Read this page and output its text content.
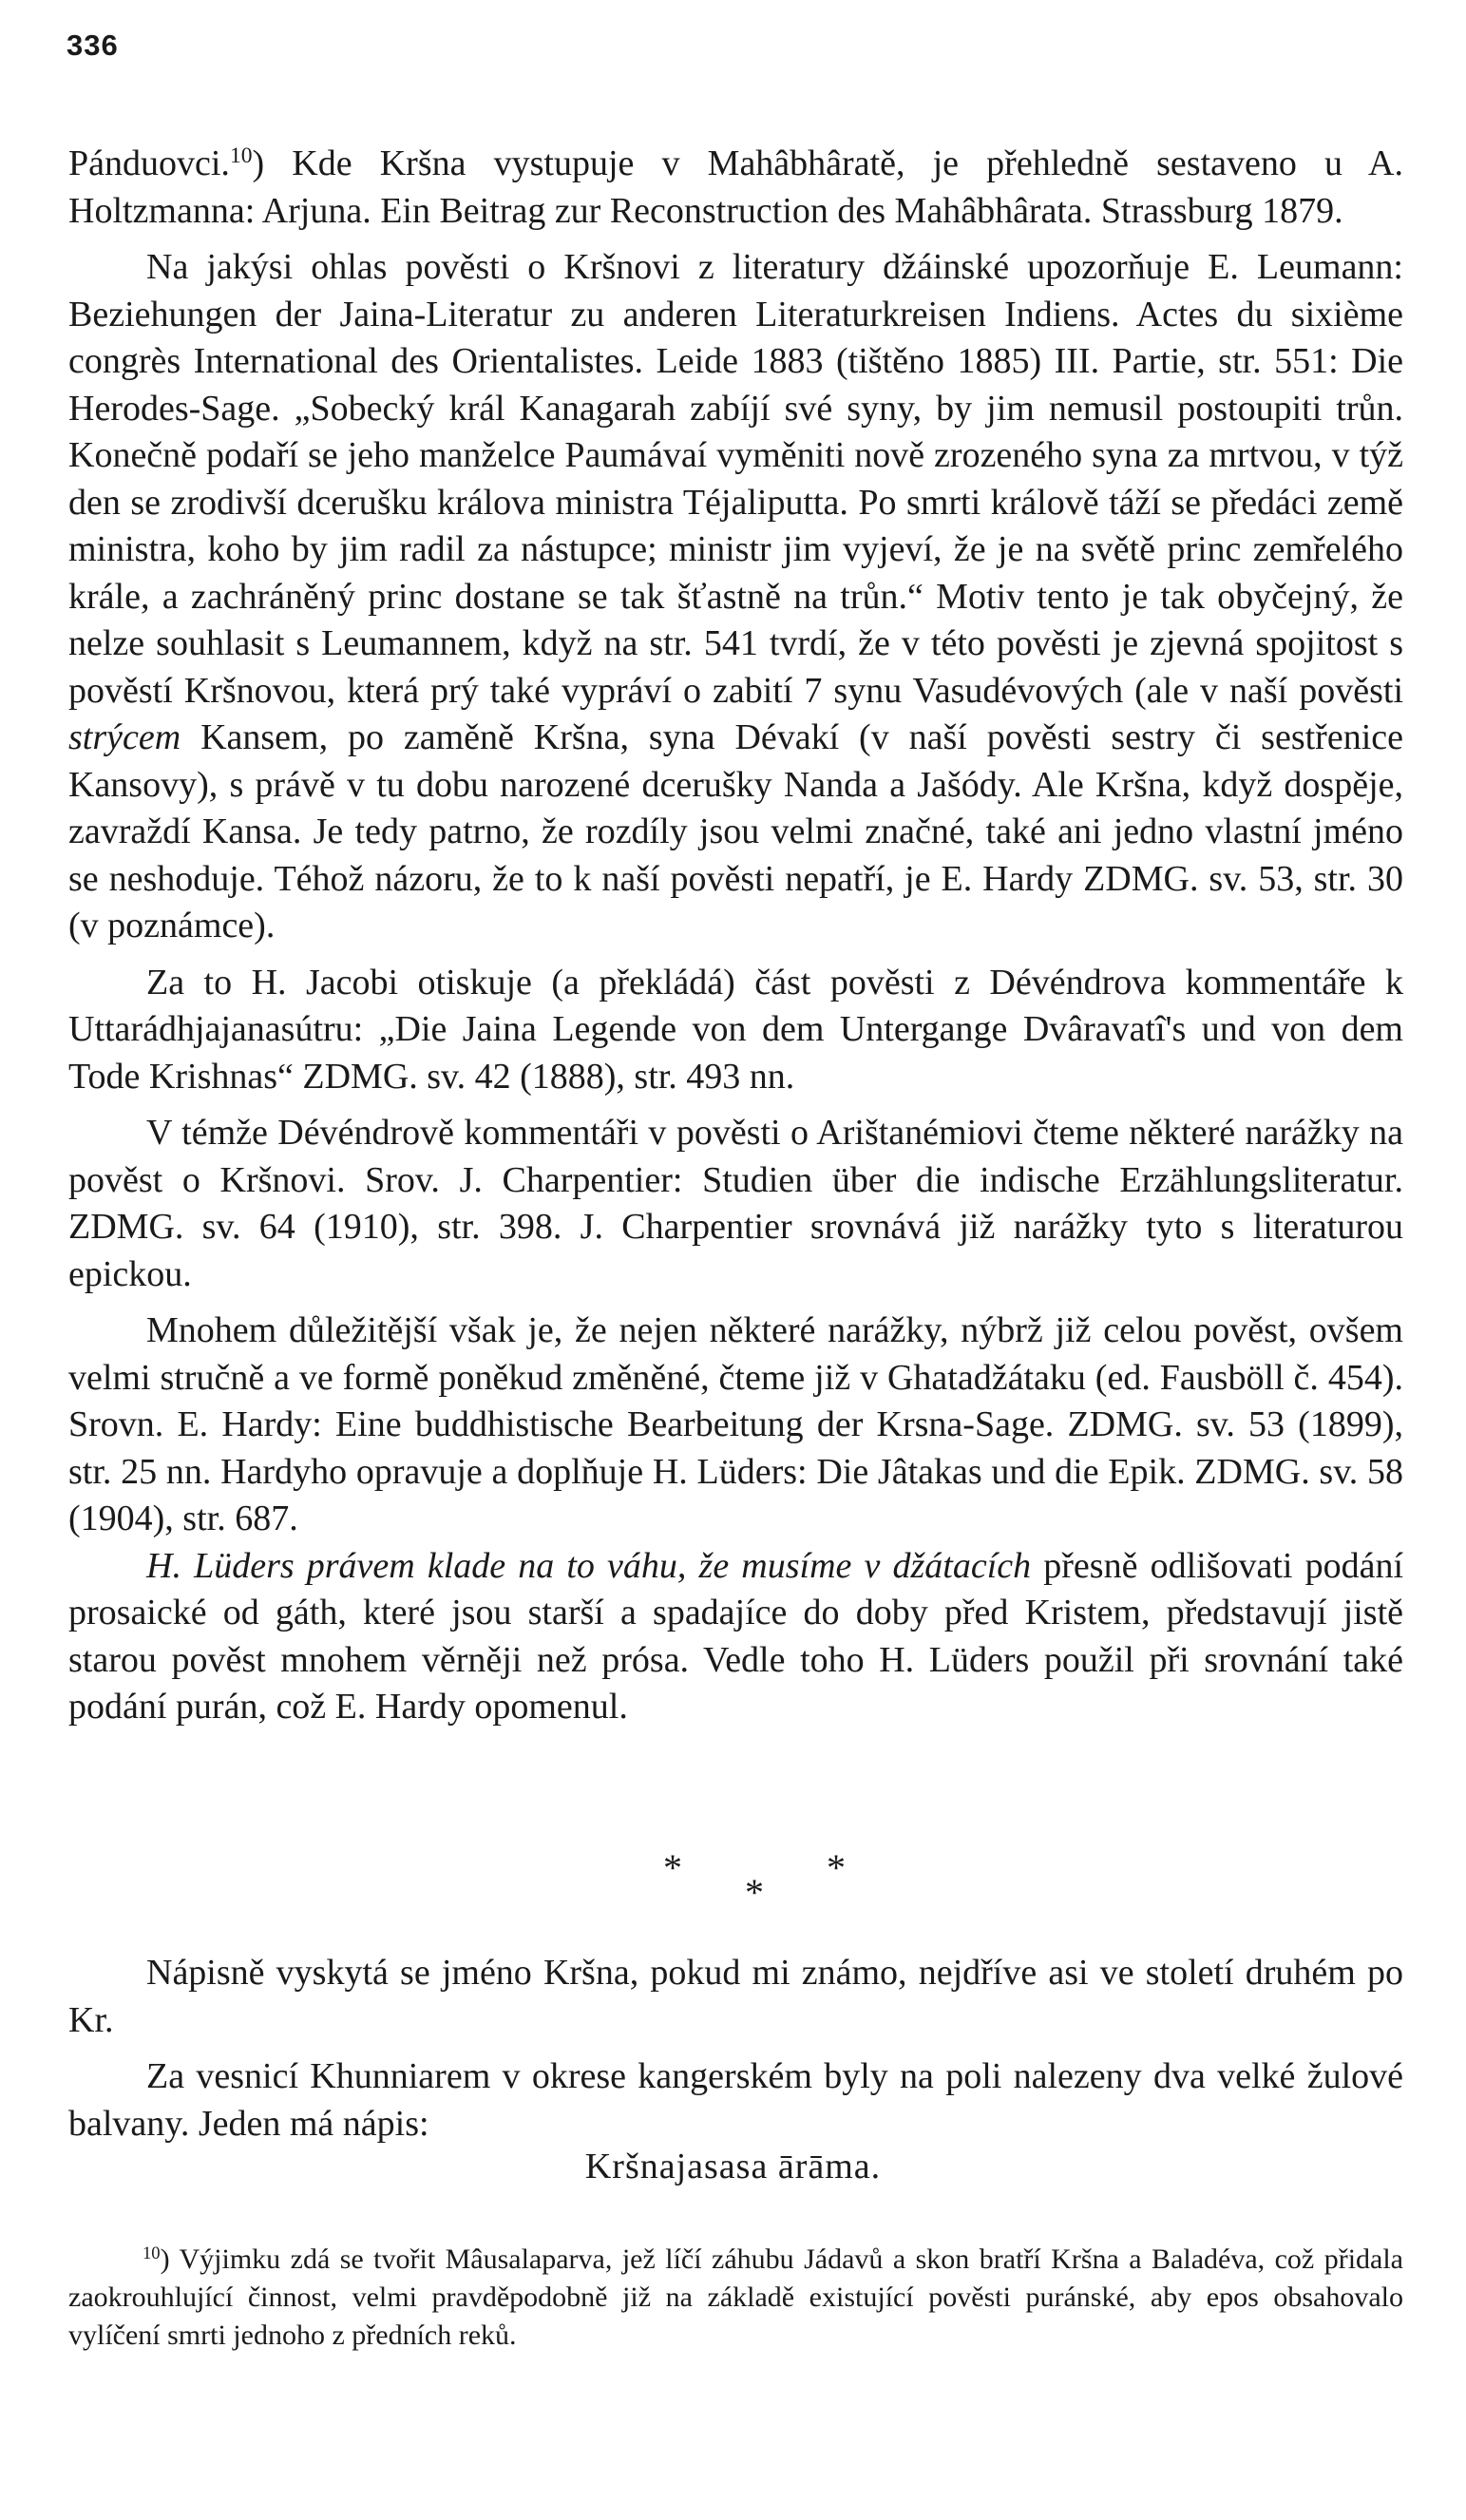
336

Pánduovci.$^{10}$) Kde Kršna vystupuje v Mahâbhâratě, je přehledně sestaveno u A. Holtzmanna: Arjuna. Ein Beitrag zur Reconstruction des Mahâbhârata. Strassburg 1879.

Na jakýsi ohlas pověsti o Kršnovi z literatury džáinské upozorňuje E. Leumann: Beziehungen der Jaina-Literatur zu anderen Literaturkreisen Indiens. Actes du sixième congrès International des Orientalistes. Leide 1883 (tištěno 1885) III. Partie, str. 551: Die Herodes-Sage. „Sobecký král Kanagarah zabíjí své syny, by jim nemusil postoupiti trůn. Konečně podaří se jeho manželce Paumávaí vyměniti nově zrozeného syna za mrtvou, v týž den se zrodivší dcerušku králova ministra Téjaliputta. Po smrti králově táží se předáci země ministra, koho by jim radil za nástupce; ministr jim vyjeví, že je na světě princ zemřelého krále, a zachráněný princ dostane se tak šťastně na trůn.“ Motiv tento je tak obyčejný, že nelze souhlasit s Leumannem, když na str. 541 tvrdí, že v této pověsti je zjevná spojitost s pověstí Kršnovou, která prý také vypráví o zabití 7 synu Vasudévových (ale v naší pověsti strýcem Kansem, po zaměně Kršna, syna Dévakí (v naší pověsti sestry či sestřenice Kansovy), s právě v tu dobu narozené dcerušky Nanda a Jašódy. Ale Kršna, když dospěje, zavraždí Kansa. Je tedy patrno, že rozdíly jsou velmi značné, také ani jedno vlastní jméno se neshoduje. Téhož názoru, že to k naší pověsti nepatří, je E. Hardy ZDMG. sv. 53, str. 30 (v poznámce).

Za to H. Jacobi otiskuje (a překládá) část pověsti z Dévéndrova kommentáře k Uttarádhjajanasútru: „Die Jaina Legende von dem Untergange Dvâravatî's und von dem Tode Krishnas“ ZDMG. sv. 42 (1888), str. 493 nn.

V témže Dévéndrově kommentáři v pověsti o Arištanémiovi čteme některé narážky na pověst o Kršnovi. Srov. J. Charpentier: Studien über die indische Erzählungsliteratur. ZDMG. sv. 64 (1910), str. 398. J. Charpentier srovnává již narážky tyto s literaturou epickou.

Mnohem důležitější však je, že nejen některé narážky, nýbrž již celou pověst, ovšem velmi stručně a ve formě poněkud změněné, čteme již v Ghatadžátaku (ed. Fausböll č. 454). Srovn. E. Hardy: Eine buddhistische Bearbeitung der Krsna-Sage. ZDMG. sv. 53 (1899), str. 25 nn. Hardyho opravuje a doplňuje H. Lüders: Die Jâtakas und die Epik. ZDMG. sv. 58 (1904), str. 687.

H. Lüders právem klade na to váhu, že musíme v džátacích přesně odlišovati podání prosaické od gáth, které jsou starší a spadajíce do doby před Kristem, představují jistě starou pověst mnohem věrněji než prósa. Vedle toho H. Lüders použil při srovnání také podání purán, což E. Hardy opomenul.

*
*
*

Nápisně vyskytá se jméno Kršna, pokud mi známo, nejdříve asi ve století druhém po Kr.

Za vesnicí Khunniarem v okrese kangerském byly na poli nalezeny dva velké žulové balvany. Jeden má nápis:

Kršnajasasa ārāma.

$^{10}$) Výjimku zdá se tvořit Mâusalaparva, jež líčí záhubu Jádavů a skon bratří Kršna a Baladéva, což přidala zaokrouhlující činnost, velmi pravděpodobně již na základě existující pověsti puránské, aby epos obsahovalo vylíčení smrti jednoho z předních reků.
